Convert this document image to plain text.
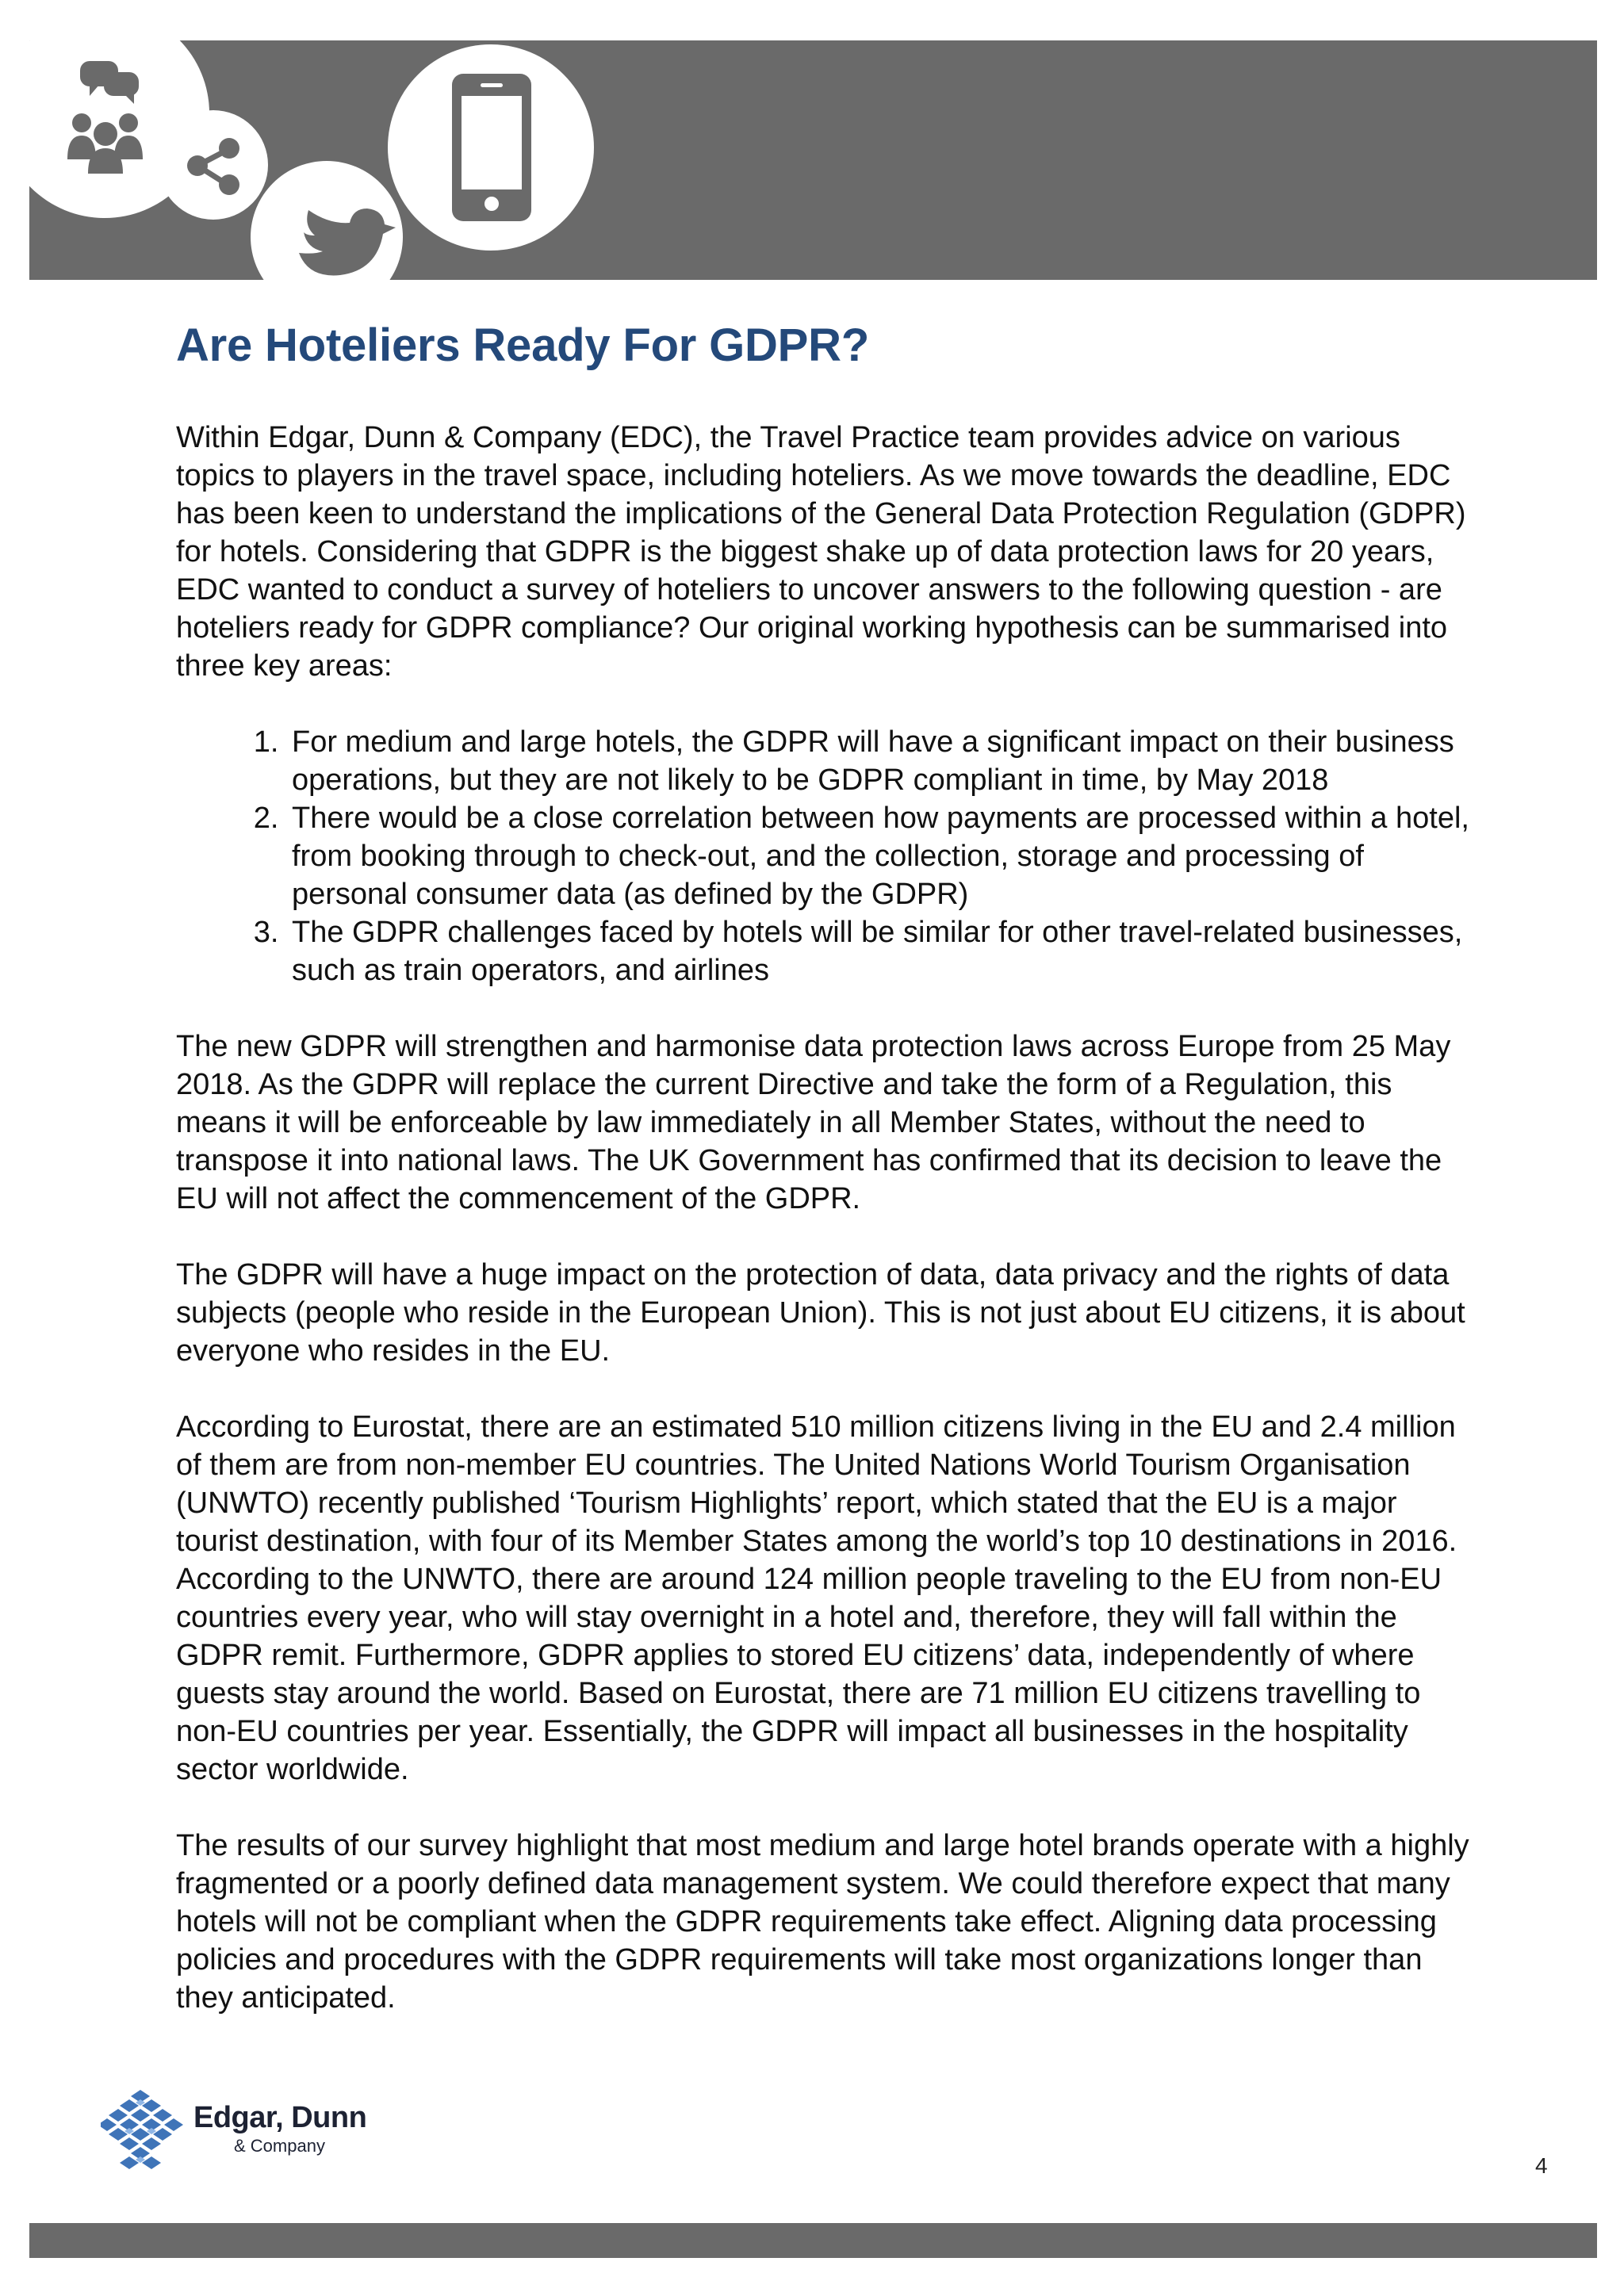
Are Hoteliers Ready For GDPR?

Within Edgar, Dunn & Company (EDC), the Travel Practice team provides advice on various topics to players in the travel space, including hoteliers. As we move towards the deadline, EDC has been keen to understand the implications of the General Data Protection Regulation (GDPR) for hotels. Considering that GDPR is the biggest shake up of data protection laws for 20 years, EDC wanted to conduct a survey of hoteliers to uncover answers to the following question - are hoteliers ready for GDPR compliance? Our original working hypothesis can be summarised into three key areas:

1. For medium and large hotels, the GDPR will have a significant impact on their business operations, but they are not likely to be GDPR compliant in time, by May 2018
2. There would be a close correlation between how payments are processed within a hotel, from booking through to check-out, and the collection, storage and processing of personal consumer data (as defined by the GDPR)
3. The GDPR challenges faced by hotels will be similar for other travel-related businesses, such as train operators, and airlines

The new GDPR will strengthen and harmonise data protection laws across Europe from 25 May 2018. As the GDPR will replace the current Directive and take the form of a Regulation, this means it will be enforceable by law immediately in all Member States, without the need to transpose it into national laws. The UK Government has confirmed that its decision to leave the EU will not affect the commencement of the GDPR.

The GDPR will have a huge impact on the protection of data, data privacy and the rights of data subjects (people who reside in the European Union). This is not just about EU citizens, it is about everyone who resides in the EU.

According to Eurostat, there are an estimated 510 million citizens living in the EU and 2.4 million of them are from non-member EU countries. The United Nations World Tourism Organisation (UNWTO) recently published ‘Tourism Highlights’ report, which stated that the EU is a major tourist destination, with four of its Member States among the world’s top 10 destinations in 2016. According to the UNWTO, there are around 124 million people traveling to the EU from non-EU countries every year, who will stay overnight in a hotel and, therefore, they will fall within the GDPR remit. Furthermore, GDPR applies to stored EU citizens’ data, independently of where guests stay around the world. Based on Eurostat, there are 71 million EU citizens travelling to non-EU countries per year. Essentially, the GDPR will impact all businesses in the hospitality sector worldwide.

The results of our survey highlight that most medium and large hotel brands operate with a highly fragmented or a poorly defined data management system. We could therefore expect that many hotels will not be compliant when the GDPR requirements take effect. Aligning data processing policies and procedures with the GDPR requirements will take most organizations longer than they anticipated.

Edgar, Dunn
& Company
4
